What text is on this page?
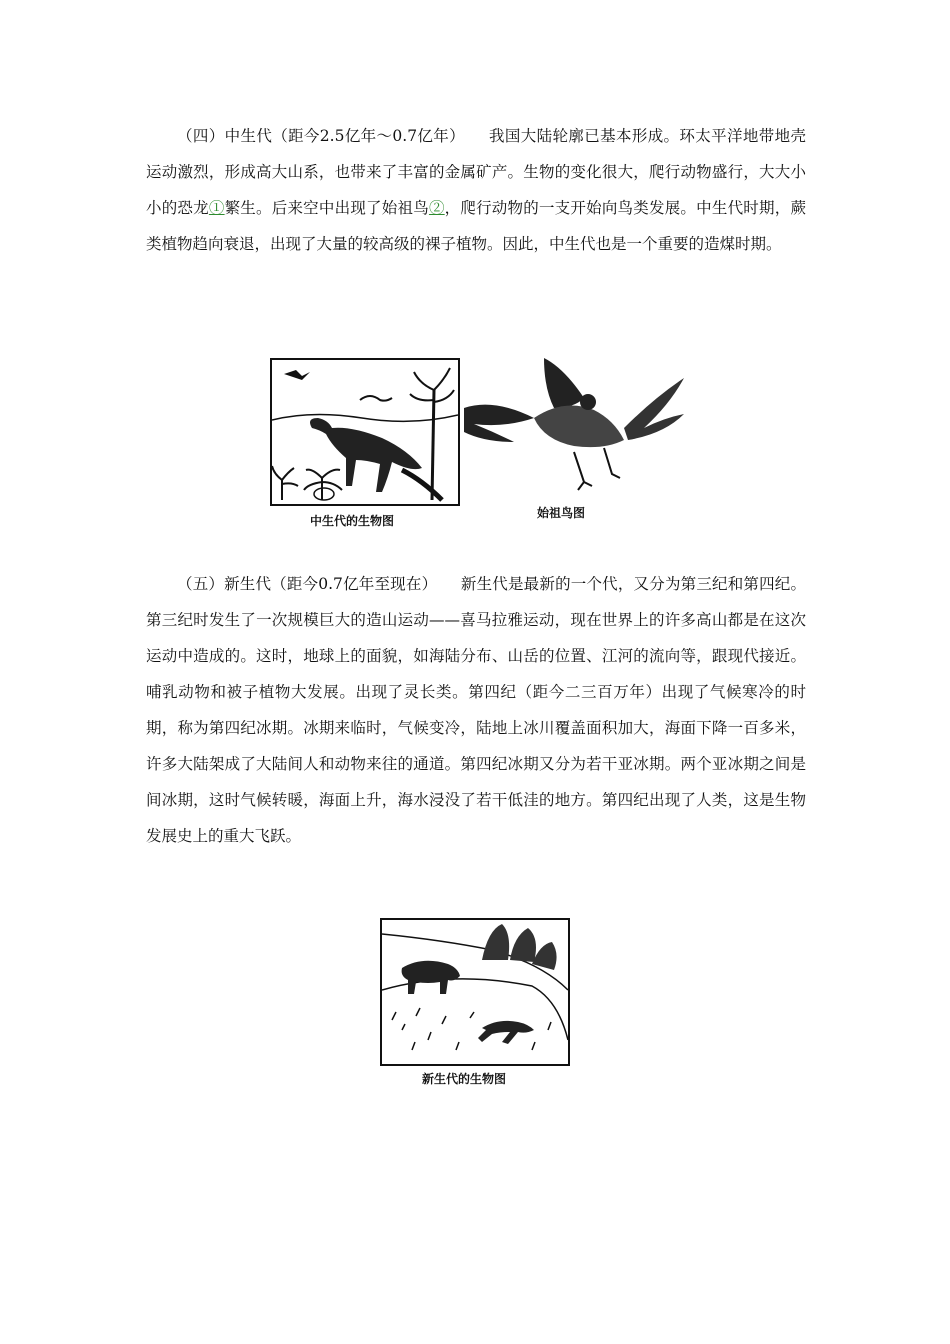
（四）中生代（距今2.5亿年～0.7亿年）　　我国大陆轮廓已基本形成。环太平洋地带地壳运动激烈，形成高大山系，也带来了丰富的金属矿产。生物的变化很大，爬行动物盛行，大大小小的恐龙①繁生。后来空中出现了始祖鸟②，爬行动物的一支开始向鸟类发展。中生代时期，蕨类植物趋向衰退，出现了大量的较高级的裸子植物。因此，中生代也是一个重要的造煤时期。

中生代的生物图
始祖鸟图

（五）新生代（距今0.7亿年至现在）　　新生代是最新的一个代，又分为第三纪和第四纪。第三纪时发生了一次规模巨大的造山运动——喜马拉雅运动，现在世界上的许多高山都是在这次运动中造成的。这时，地球上的面貌，如海陆分布、山岳的位置、江河的流向等，跟现代接近。哺乳动物和被子植物大发展。出现了灵长类。第四纪（距今二三百万年）出现了气候寒冷的时期，称为第四纪冰期。冰期来临时，气候变冷，陆地上冰川覆盖面积加大，海面下降一百多米，许多大陆架成了大陆间人和动物来往的通道。第四纪冰期又分为若干亚冰期。两个亚冰期之间是间冰期，这时气候转暖，海面上升，海水浸没了若干低洼的地方。第四纪出现了人类，这是生物发展史上的重大飞跃。

新生代的生物图
